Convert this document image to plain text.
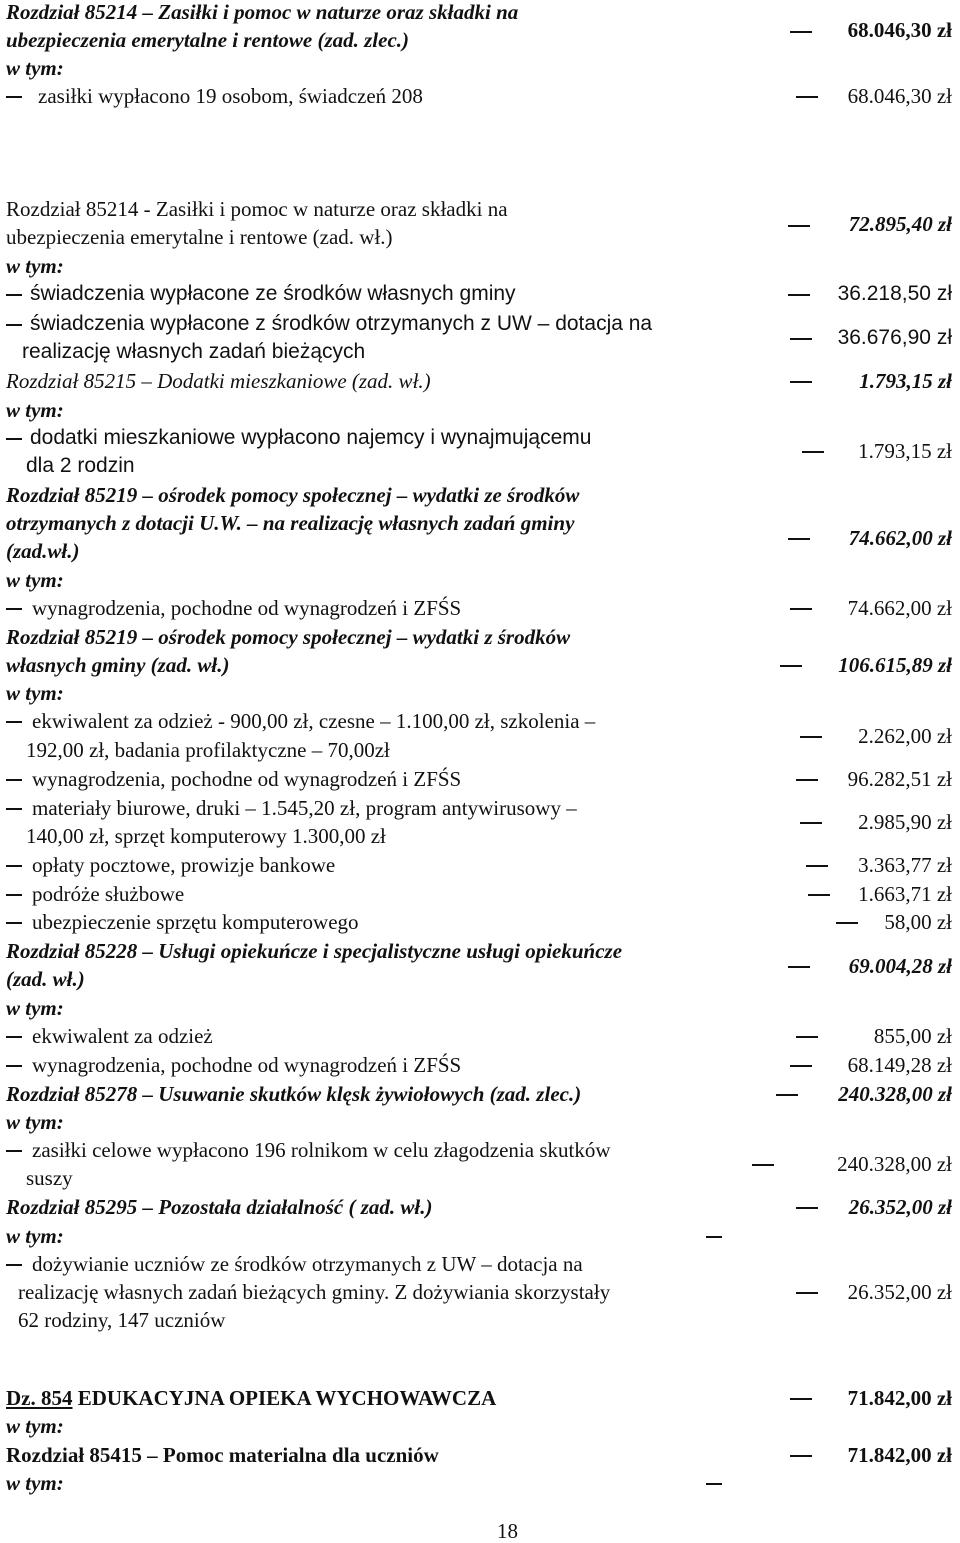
Rozdział 85214 – Zasiłki i pomoc w naturze oraz składki na
ubezpieczenia emerytalne i rentowe (zad. zlec.)	68.046,30 zł
w tym:
zasiłki wypłacono 19 osobom, świadczeń 208	68.046,30 zł
Rozdział 85214 - Zasiłki i pomoc w naturze oraz składki na
ubezpieczenia emerytalne i rentowe (zad. wł.)
72.895,40 zł
w tym:
świadczenia wypłacone ze środków własnych gminy	36.218,50 zł
świadczenia wypłacone z środków otrzymanych z UW – dotacja na
realizację własnych zadań bieżących
36.676,90 zł
Rozdział 85215 – Dodatki mieszkaniowe (zad. wł.)	1.793,15 zł
w tym:
dodatki mieszkaniowe wypłacono najemcy i wynajmującemu
dla 2 rodzin
1.793,15 zł
Rozdział 85219 – ośrodek pomocy społecznej – wydatki ze środków
otrzymanych z dotacji U.W. – na realizację własnych zadań gminy
(zad.wł.)
74.662,00 zł
w tym:
wynagrodzenia, pochodne od wynagrodzeń i ZFŚS	74.662,00 zł
Rozdział 85219 – ośrodek pomocy społecznej – wydatki z środków
własnych gminy (zad. wł.)	106.615,89 zł
w tym:
ekwiwalent za odzież - 900,00 zł, czesne – 1.100,00 zł, szkolenia –
192,00 zł, badania profilaktyczne – 70,00zł
2.262,00 zł
wynagrodzenia, pochodne od wynagrodzeń i ZFŚS	96.282,51 zł
materiały biurowe, druki – 1.545,20 zł, program antywirusowy –
140,00 zł, sprzęt komputerowy 1.300,00 zł
2.985,90 zł
opłaty pocztowe, prowizje bankowe	3.363,77 zł
podróże służbowe	1.663,71 zł
ubezpieczenie sprzętu komputerowego	58,00 zł
Rozdział 85228 – Usługi opiekuńcze i specjalistyczne usługi opiekuńcze
(zad. wł.)
69.004,28 zł
w tym:
ekwiwalent za odzież	855,00 zł
wynagrodzenia, pochodne od wynagrodzeń i ZFŚS	68.149,28 zł
Rozdział 85278 – Usuwanie skutków klęsk żywiołowych (zad. zlec.)	240.328,00 zł
w tym:
zasiłki celowe wypłacono 196 rolnikom w celu złagodzenia skutków
suszy
240.328,00 zł
Rozdział 85295 – Pozostała działalność ( zad. wł.)	26.352,00 zł
w tym:
dożywianie uczniów ze środków otrzymanych z UW – dotacja na
realizację własnych zadań bieżących gminy. Z dożywiania skorzystały
62 rodziny, 147 uczniów
26.352,00 zł
Dz. 854 EDUKACYJNA OPIEKA WYCHOWAWCZA	71.842,00 zł
w tym:
Rozdział 85415 – Pomoc materialna dla uczniów	71.842,00 zł
w tym:
18
